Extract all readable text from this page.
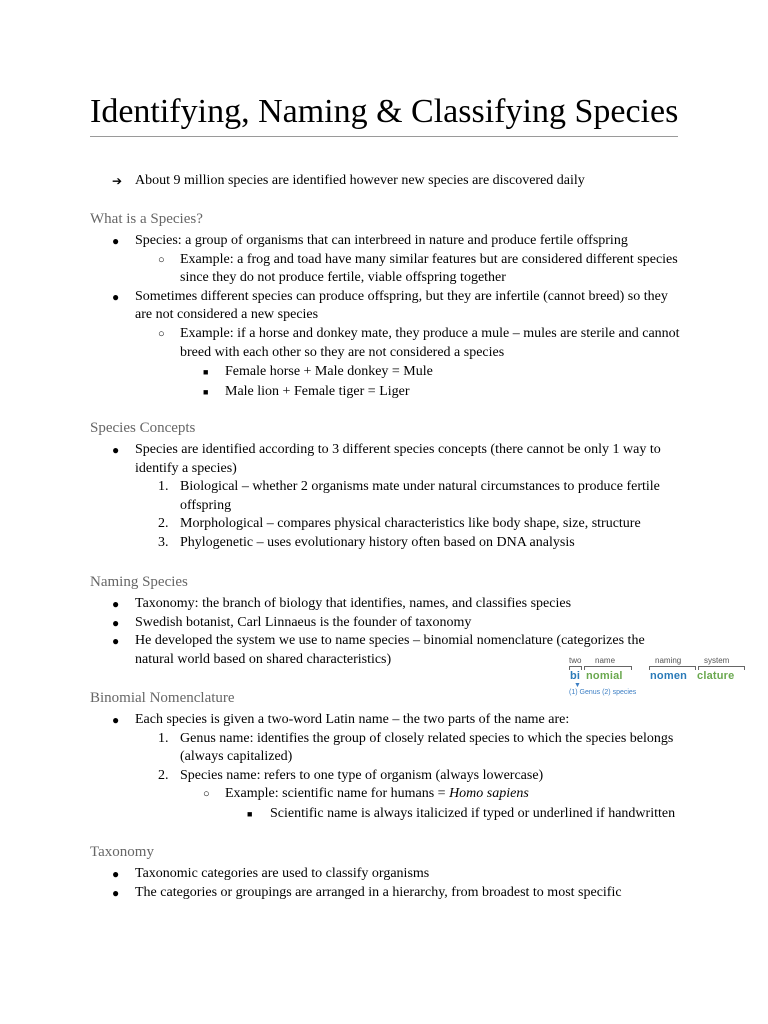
Identifying, Naming & Classifying Species
➔ About 9 million species are identified however new species are discovered daily
What is a Species?
● Species: a group of organisms that can interbreed in nature and produce fertile offspring
○ Example: a frog and toad have many similar features but are considered different species since they do not produce fertile, viable offspring together
● Sometimes different species can produce offspring, but they are infertile (cannot breed) so they are not considered a new species
○ Example: if a horse and donkey mate, they produce a mule – mules are sterile and cannot breed with each other so they are not considered a species
■ Female horse + Male donkey = Mule
■ Male lion + Female tiger = Liger
Species Concepts
● Species are identified according to 3 different species concepts (there cannot be only 1 way to identify a species)
1. Biological – whether 2 organisms mate under natural circumstances to produce fertile offspring
2. Morphological – compares physical characteristics like body shape, size, structure
3. Phylogenetic – uses evolutionary history often based on DNA analysis
Naming Species
● Taxonomy: the branch of biology that identifies, names, and classifies species
● Swedish botanist, Carl Linnaeus is the founder of taxonomy
● He developed the system we use to name species – binomial nomenclature (categorizes the natural world based on shared characteristics)
Binomial Nomenclature
● Each species is given a two-word Latin name – the two parts of the name are:
1. Genus name: identifies the group of closely related species to which the species belongs (always capitalized)
2. Species name: refers to one type of organism (always lowercase)
○ Example: scientific name for humans = Homo sapiens
■ Scientific name is always italicized if typed or underlined if handwritten
Taxonomy
● Taxonomic categories are used to classify organisms
● The categories or groupings are arranged in a hierarchy, from broadest to most specific
two name	naming	system
bi nomial nomen clature
▼
(1) Genus (2) species
